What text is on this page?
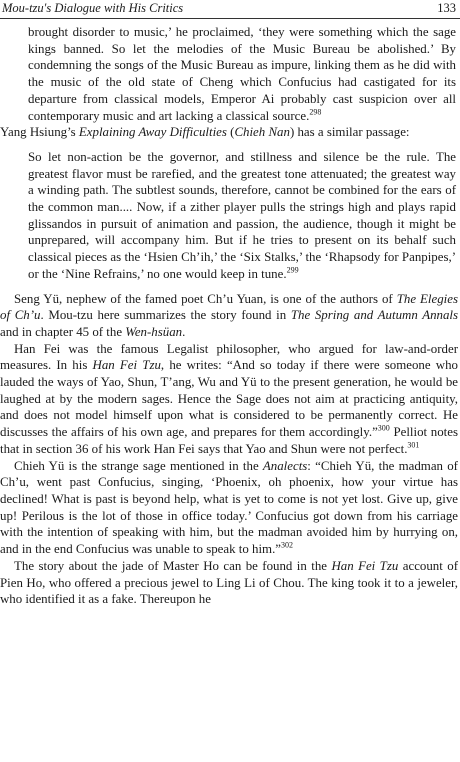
Mou-tzu's Dialogue with His Critics	133

brought disorder to music,’ he proclaimed, ‘they were something which the sage kings banned. So let the melodies of the Music Bureau be abolished.’ By condemning the songs of the Music Bureau as impure, linking them as he did with the music of the old state of Cheng which Confucius had castigated for its departure from classical models, Emperor Ai probably cast suspicion over all contemporary music and art lacking a classical source.$^{298}$

Yang Hsiung’s Explaining Away Difficulties (Chieh Nan) has a similar passage:

So let non-action be the governor, and stillness and silence be the rule. The greatest flavor must be rarefied, and the greatest tone attenuated; the greatest way a winding path. The subtlest sounds, therefore, cannot be combined for the ears of the common man.... Now, if a zither player pulls the strings high and plays rapid glissandos in pursuit of animation and passion, the audience, though it might be unprepared, will accompany him. But if he tries to present on its behalf such classical pieces as the ‘Hsien Ch’ih,’ the ‘Six Stalks,’ the ‘Rhapsody for Panpipes,’ or the ‘Nine Refrains,’ no one would keep in tune.$^{299}$

Seng Yü, nephew of the famed poet Ch’u Yuan, is one of the authors of The Elegies of Ch’u. Mou-tzu here summarizes the story found in The Spring and Autumn Annals and in chapter 45 of the Wen-hsüan.

Han Fei was the famous Legalist philosopher, who argued for law-and-order measures. In his Han Fei Tzu, he writes: “And so today if there were someone who lauded the ways of Yao, Shun, T’ang, Wu and Yü to the present generation, he would be laughed at by the modern sages. Hence the Sage does not aim at practicing antiquity, and does not model himself upon what is considered to be permanently correct. He discusses the affairs of his own age, and prepares for them accordingly.”$^{300}$ Pelliot notes that in section 36 of his work Han Fei says that Yao and Shun were not perfect.$^{301}$

Chieh Yü is the strange sage mentioned in the Analects: “Chieh Yü, the madman of Ch’u, went past Confucius, singing, ‘Phoenix, oh phoenix, how your virtue has declined! What is past is beyond help, what is yet to come is not yet lost. Give up, give up! Perilous is the lot of those in office today.’ Confucius got down from his carriage with the intention of speaking with him, but the madman avoided him by hurrying on, and in the end Confucius was unable to speak to him.”$^{302}$

The story about the jade of Master Ho can be found in the Han Fei Tzu account of Pien Ho, who offered a precious jewel to Ling Li of Chou. The king took it to a jeweler, who identified it as a fake. Thereupon he
